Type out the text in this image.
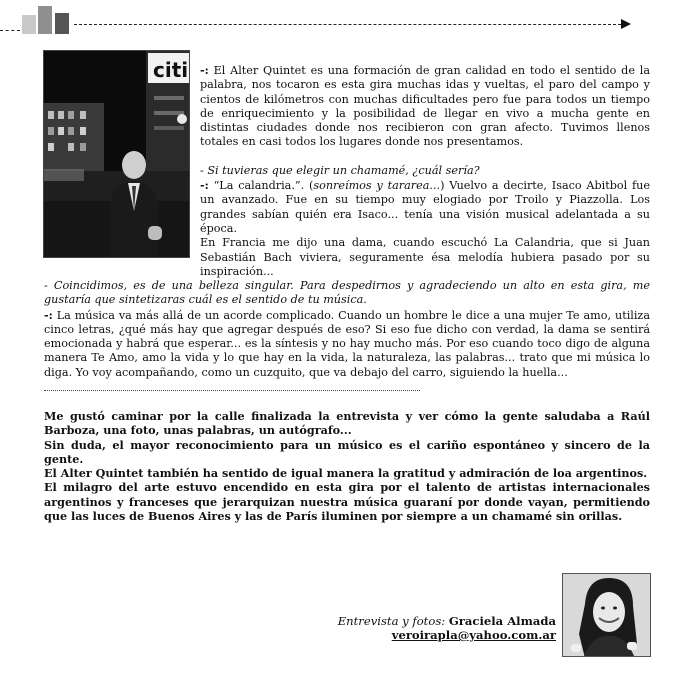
citi -: El Alter Quintet es una formación de gran calidad en todo el sentido de la palabra, nos tocaron es esta gira muchas idas y vueltas, el paro del campo y cientos de kilómetros con muchas dificultades pero fue para todos un tiempo de enriquecimiento y la posibilidad de llegar en vivo a mucha gente en distintas ciudades donde nos recibieron con gran afecto. Tuvimos llenos totales en casi todos los lugares donde nos presentamos.

- Si tuvieras que elegir un chamamé, ¿cuál sería?

-: “La calandria.”. (sonreímos y tararea...) Vuelvo a decirte, Isaco Abitbol fue un avanzado. Fue en su tiempo muy elogiado por Troilo y Piazzolla. Los grandes sabían quién era Isaco... tenía una visión musical adelantada a su época.

En Francia me dijo una dama, cuando escuchó La Calandria, que si Juan Sebastián Bach viviera, seguramente ésa melodía hubiera pasado por su inspiración...

- Coincidimos, es de una belleza singular. Para despedirnos y agradeciendo un alto en esta gira, me gustaría que sintetizaras cuál es el sentido de tu música.

-: La música va más allá de un acorde complicado. Cuando un hombre le dice a una mujer Te amo, utiliza cinco letras, ¿qué más hay que agregar después de eso? Si eso fue dicho con verdad, la dama se sentirá emocionada y habrá que esperar... es la síntesis y no hay mucho más. Por eso cuando toco digo de alguna manera Te Amo, amo la vida y lo que hay en la vida, la naturaleza, las palabras... trato que mi música lo diga. Yo voy acompañando, como un cuzquito, que va debajo del carro, siguiendo la huella...

Me gustó caminar por la calle finalizada la entrevista y ver cómo la gente saludaba a Raúl Barboza, una foto, unas palabras, un autógrafo...

Sin duda, el mayor reconocimiento para un músico es el cariño espontáneo y sincero de la gente.

El Alter Quintet también ha sentido de igual manera la gratitud y admiración de loa argentinos.

El milagro del arte estuvo encendido en esta gira por el talento de artistas internacionales argentinos y franceses que jerarquizan nuestra música guaraní por donde vayan, permitiendo que las luces de Buenos Aires y las de París iluminen por siempre a un chamamé sin orillas.

Entrevista y fotos: Graciela Almada
veroirapla@yahoo.com.ar
